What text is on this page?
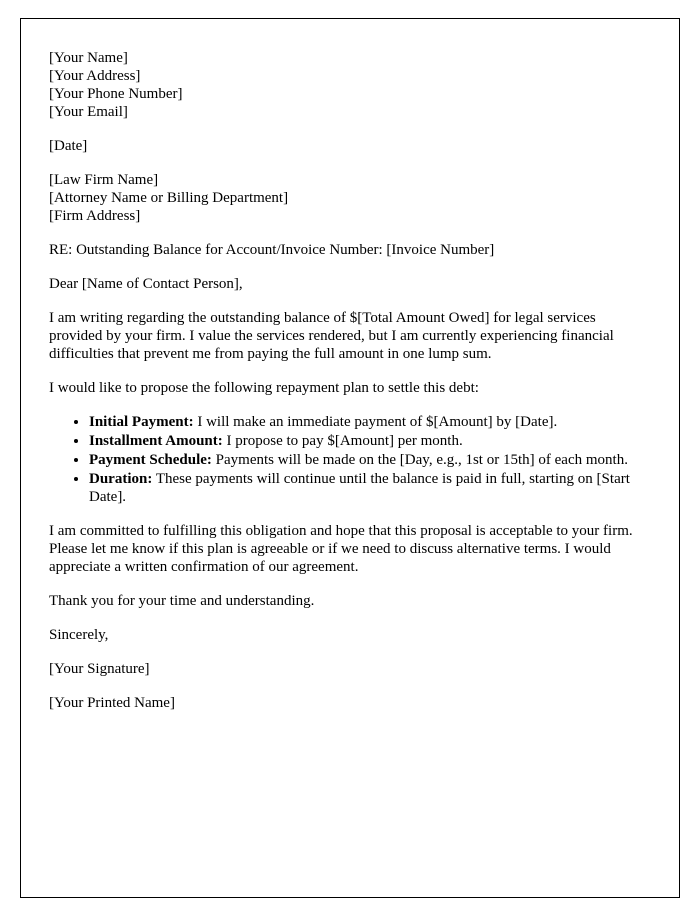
[Your Name]
[Your Address]
[Your Phone Number]
[Your Email]
[Date]
[Law Firm Name]
[Attorney Name or Billing Department]
[Firm Address]

RE: Outstanding Balance for Account/Invoice Number: [Invoice Number]

Dear [Name of Contact Person],

I am writing regarding the outstanding balance of $[Total Amount Owed] for legal services provided by your firm. I value the services rendered, but I am currently experiencing financial difficulties that prevent me from paying the full amount in one lump sum.

I would like to propose the following repayment plan to settle this debt:

• Initial Payment: I will make an immediate payment of $[Amount] by [Date].
• Installment Amount: I propose to pay $[Amount] per month.
• Payment Schedule: Payments will be made on the [Day, e.g., 1st or 15th] of each month.
• Duration: These payments will continue until the balance is paid in full, starting on [Start Date].

I am committed to fulfilling this obligation and hope that this proposal is acceptable to your firm. Please let me know if this plan is agreeable or if we need to discuss alternative terms. I would appreciate a written confirmation of our agreement.

Thank you for your time and understanding.

Sincerely,

[Your Signature]

[Your Printed Name]
